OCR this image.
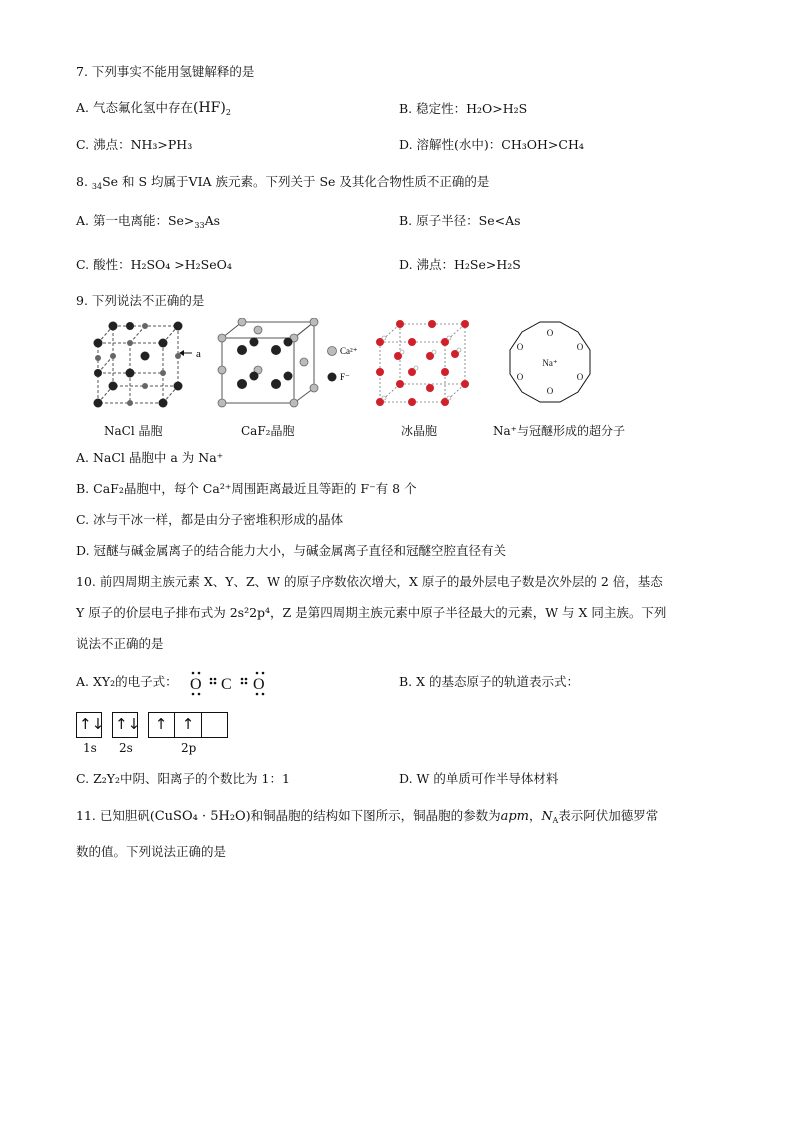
7. 下列事实不能用氢键解释的是
A. 气态氟化氢中存在$(HF)_2$	B. 稳定性：H₂O>H₂S
C. 沸点：NH₃>PH₃	D. 溶解性(水中)：CH₃OH>CH₄
8. $_{34}$Se 和 S 均属于VIA 族元素。下列关于 Se 及其化合物性质不正确的是
A. 第一电离能：$Se>_{33}As$	B. 原子半径：Se<As
C. 酸性：H₂SO₄ >H₂SeO₄	D. 沸点：H₂Se>H₂S
9. 下列说法不正确的是
a	Ca²⁺
F⁻
O
O
O
O
O
O
Na⁺
NaCl 晶胞	CaF₂晶胞	冰晶胞	Na⁺与冠醚形成的超分子
A. NaCl 晶胞中 a 为 Na⁺
B. CaF₂晶胞中，每个 Ca²⁺周围距离最近且等距的 F⁻有 8 个
C. 冰与干冰一样，都是由分子密堆积形成的晶体
D. 冠醚与碱金属离子的结合能力大小，与碱金属离子直径和冠醚空腔直径有关
10. 前四周期主族元素 X、Y、Z、W 的原子序数依次增大，X 原子的最外层电子数是次外层的 2 倍，基态
Y 原子的价层电子排布式为 2s²2p⁴，Z 是第四周期主族元素中原子半径最大的元素，W 与 X 同主族。下列
说法不正确的是
A. XY₂的电子式： O C O	B. X 的基态原子的轨道表示式：
↑↓ ↑↓ ↑ ↑
1s 2s	2p
C. Z₂Y₂中阴、阳离子的个数比为 1：1	D. W 的单质可作半导体材料
11. 已知胆矾(CuSO₄ · 5H₂O)和铜晶胞的结构如下图所示，铜晶胞的参数为apm，$N_A$表示阿伏加德罗常
数的值。下列说法正确的是
